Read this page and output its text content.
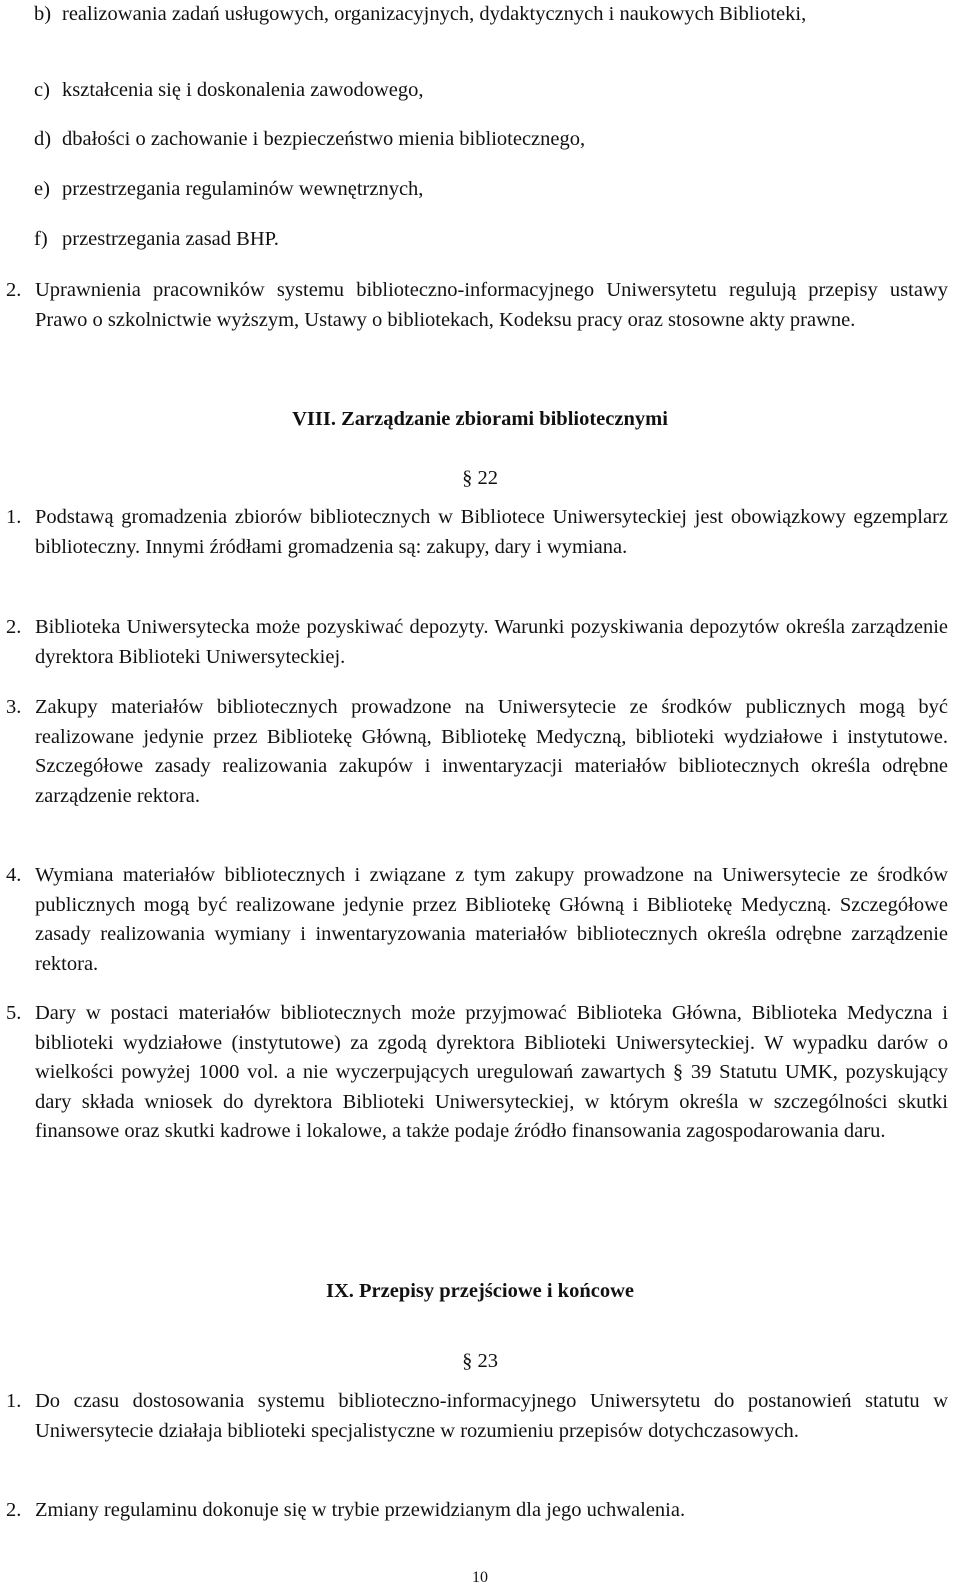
b) realizowania zadań usługowych, organizacyjnych, dydaktycznych i naukowych Biblioteki,
c) kształcenia się i doskonalenia zawodowego,
d) dbałości o zachowanie i bezpieczeństwo mienia bibliotecznego,
e) przestrzegania regulaminów wewnętrznych,
f) przestrzegania zasad BHP.
2. Uprawnienia pracowników systemu biblioteczno-informacyjnego Uniwersytetu regulują przepisy ustawy Prawo o szkolnictwie wyższym, Ustawy o bibliotekach, Kodeksu pracy oraz stosowne akty prawne.
VIII. Zarządzanie zbiorami bibliotecznymi
§ 22
1. Podstawą gromadzenia zbiorów bibliotecznych w Bibliotece Uniwersyteckiej jest obowiązkowy egzemplarz biblioteczny. Innymi źródłami gromadzenia są: zakupy, dary i wymiana.
2. Biblioteka Uniwersytecka może pozyskiwać depozyty. Warunki pozyskiwania depozytów określa zarządzenie dyrektora Biblioteki Uniwersyteckiej.
3. Zakupy materiałów bibliotecznych prowadzone na Uniwersytecie ze środków publicznych mogą być realizowane jedynie przez Bibliotekę Główną, Bibliotekę Medyczną, biblioteki wydziałowe i instytutowe. Szczegółowe zasady realizowania zakupów i inwentaryzacji materiałów bibliotecznych określa odrębne zarządzenie rektora.
4. Wymiana materiałów bibliotecznych i związane z tym zakupy prowadzone na Uniwersytecie ze środków publicznych mogą być realizowane jedynie przez Bibliotekę Główną i Bibliotekę Medyczną. Szczegółowe zasady realizowania wymiany i inwentaryzowania materiałów bibliotecznych określa odrębne zarządzenie rektora.
5. Dary w postaci materiałów bibliotecznych może przyjmować Biblioteka Główna, Biblioteka Medyczna i biblioteki wydziałowe (instytutowe) za zgodą dyrektora Biblioteki Uniwersyteckiej. W wypadku darów o wielkości powyżej 1000 vol. a nie wyczerpujących uregulowań zawartych § 39 Statutu UMK, pozyskujący dary składa wniosek do dyrektora Biblioteki Uniwersyteckiej, w którym określa w szczególności skutki finansowe oraz skutki kadrowe i lokalowe, a także podaje źródło finansowania zagospodarowania daru.
IX. Przepisy przejściowe i końcowe
§ 23
1. Do czasu dostosowania systemu biblioteczno-informacyjnego Uniwersytetu do postanowień statutu w Uniwersytecie działaja biblioteki specjalistyczne w rozumieniu przepisów dotychczasowych.
2. Zmiany regulaminu dokonuje się w trybie przewidzianym dla jego uchwalenia.
10
